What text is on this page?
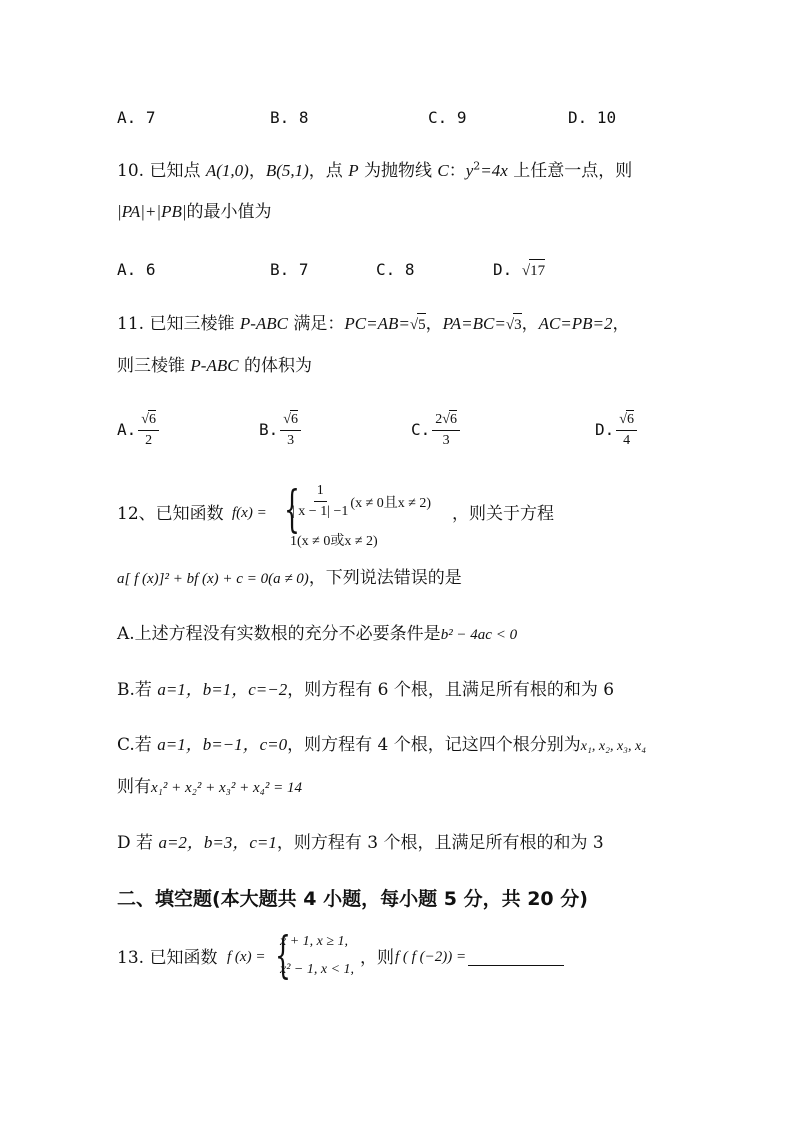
A. 7	B. 8	C. 9	D. 10
10. 已知点 A(1,0)，B(5,1)，点 P 为抛物线 C：$y^2=4x$ 上任意一点，则
|PA|+|PB|的最小值为
A. 6	B. 7	C. 8	D. √17
11. 已知三棱锥 P-ABC 满足：PC=AB=√5，PA=BC=√3，AC=PB=2，
则三棱锥 P-ABC 的体积为
A. $\frac{√6}{2}$	B. $\frac{√6}{3}$	C. $\frac{2√6}{3}$	D. $\frac{√6}{4}$
12、已知函数 f(x) = {
$\frac{1}{| x - 1| -1} (x \ne 0$且x ≠ 2)
1(x ≠ 0或x ≠ 2)
，则关于方程
a[ f (x)]² + bf (x) + c = 0(a ≠ 0)，下列说法错误的是
A.上述方程没有实数根的充分不必要条件是b² − 4ac < 0
B.若 a=1，b=1，c=−2，则方程有 6 个根，且满足所有根的和为 6
C.若 a=1，b=−1，c=0，则方程有 4 个根，记这四个根分别为x₁, x₂, x₃, x₄
则有x₁² + x₂² + x₃² + x₄² = 14
D 若 a=2，b=3，c=1，则方程有 3 个根，且满足所有根的和为 3
二、填空题(本大题共 4 小题，每小题 5 分，共 20 分)
13. 已知函数 f (x) = {
x + 1, x ≥ 1,
x² − 1, x < 1,
，则 f ( f (−2)) =
